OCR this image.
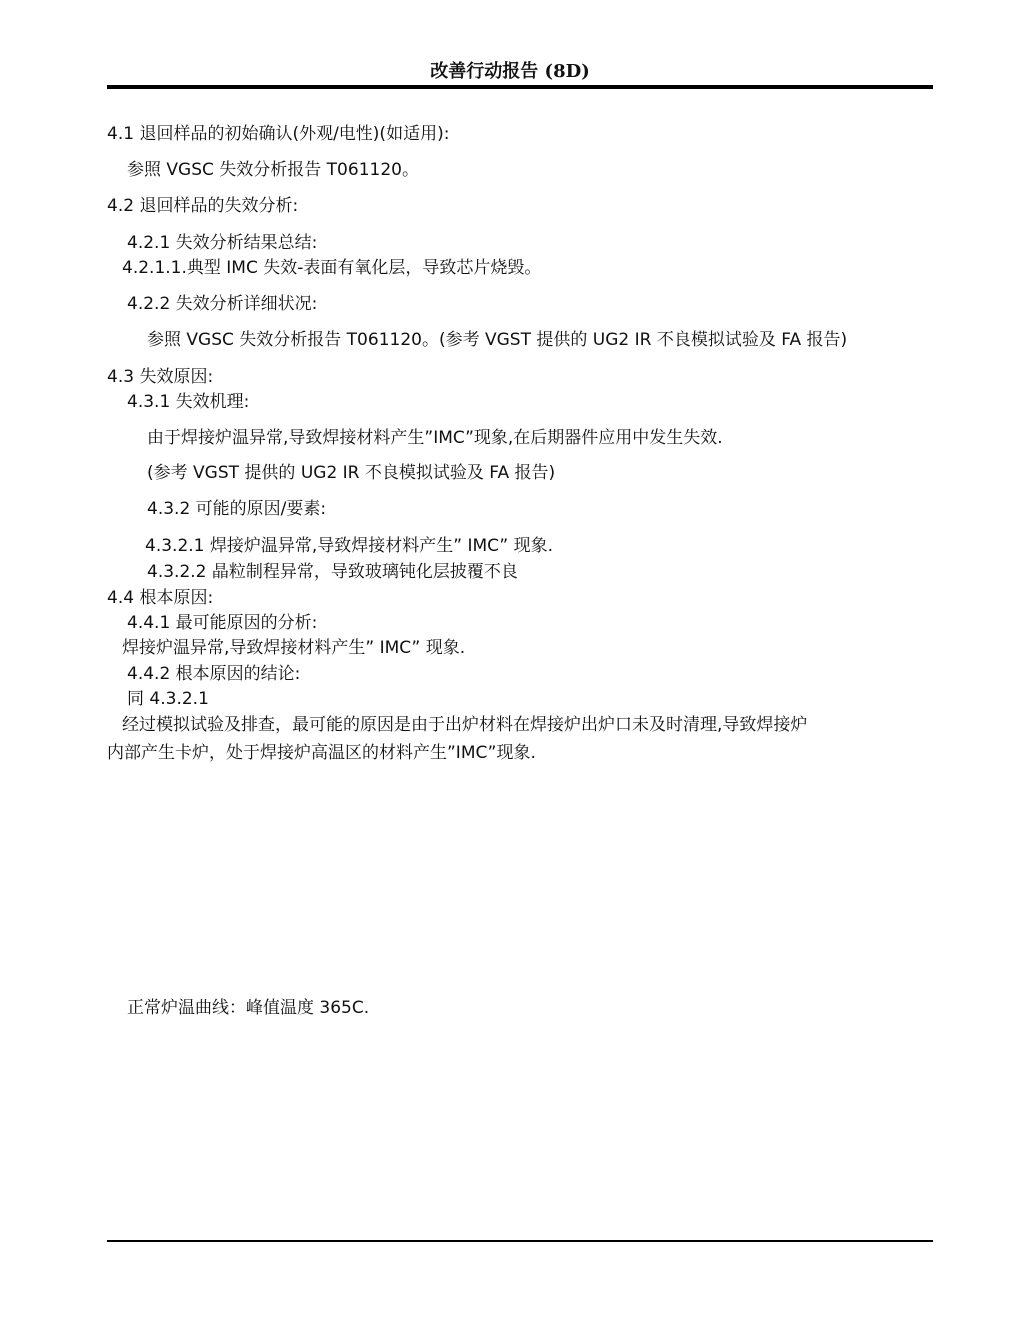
改善行动报告 (8D)
4.1 退回样品的初始确认(外观/电性)(如适用):
参照 VGSC 失效分析报告 T061120。
4.2 退回样品的失效分析:
4.2.1 失效分析结果总结:
4.2.1.1.典型 IMC 失效-表面有氧化层，导致芯片烧毁。
4.2.2 失效分析详细状况:
参照 VGSC 失效分析报告 T061120。(参考 VGST 提供的 UG2 IR 不良模拟试验及 FA 报告)
4.3 失效原因:
4.3.1 失效机理:
由于焊接炉温异常,导致焊接材料产生”IMC”现象,在后期器件应用中发生失效.
(参考 VGST 提供的 UG2 IR 不良模拟试验及 FA 报告)
4.3.2 可能的原因/要素:
4.3.2.1 焊接炉温异常,导致焊接材料产生” IMC” 现象.
4.3.2.2 晶粒制程异常，导致玻璃钝化层披覆不良
4.4 根本原因:
4.4.1 最可能原因的分析:
焊接炉温异常,导致焊接材料产生” IMC” 现象.
4.4.2 根本原因的结论:
同 4.3.2.1
经过模拟试验及排查，最可能的原因是由于出炉材料在焊接炉出炉口未及时清理,导致焊接炉
内部产生卡炉，处于焊接炉高温区的材料产生”IMC”现象.
正常炉温曲线：峰值温度 365C.
